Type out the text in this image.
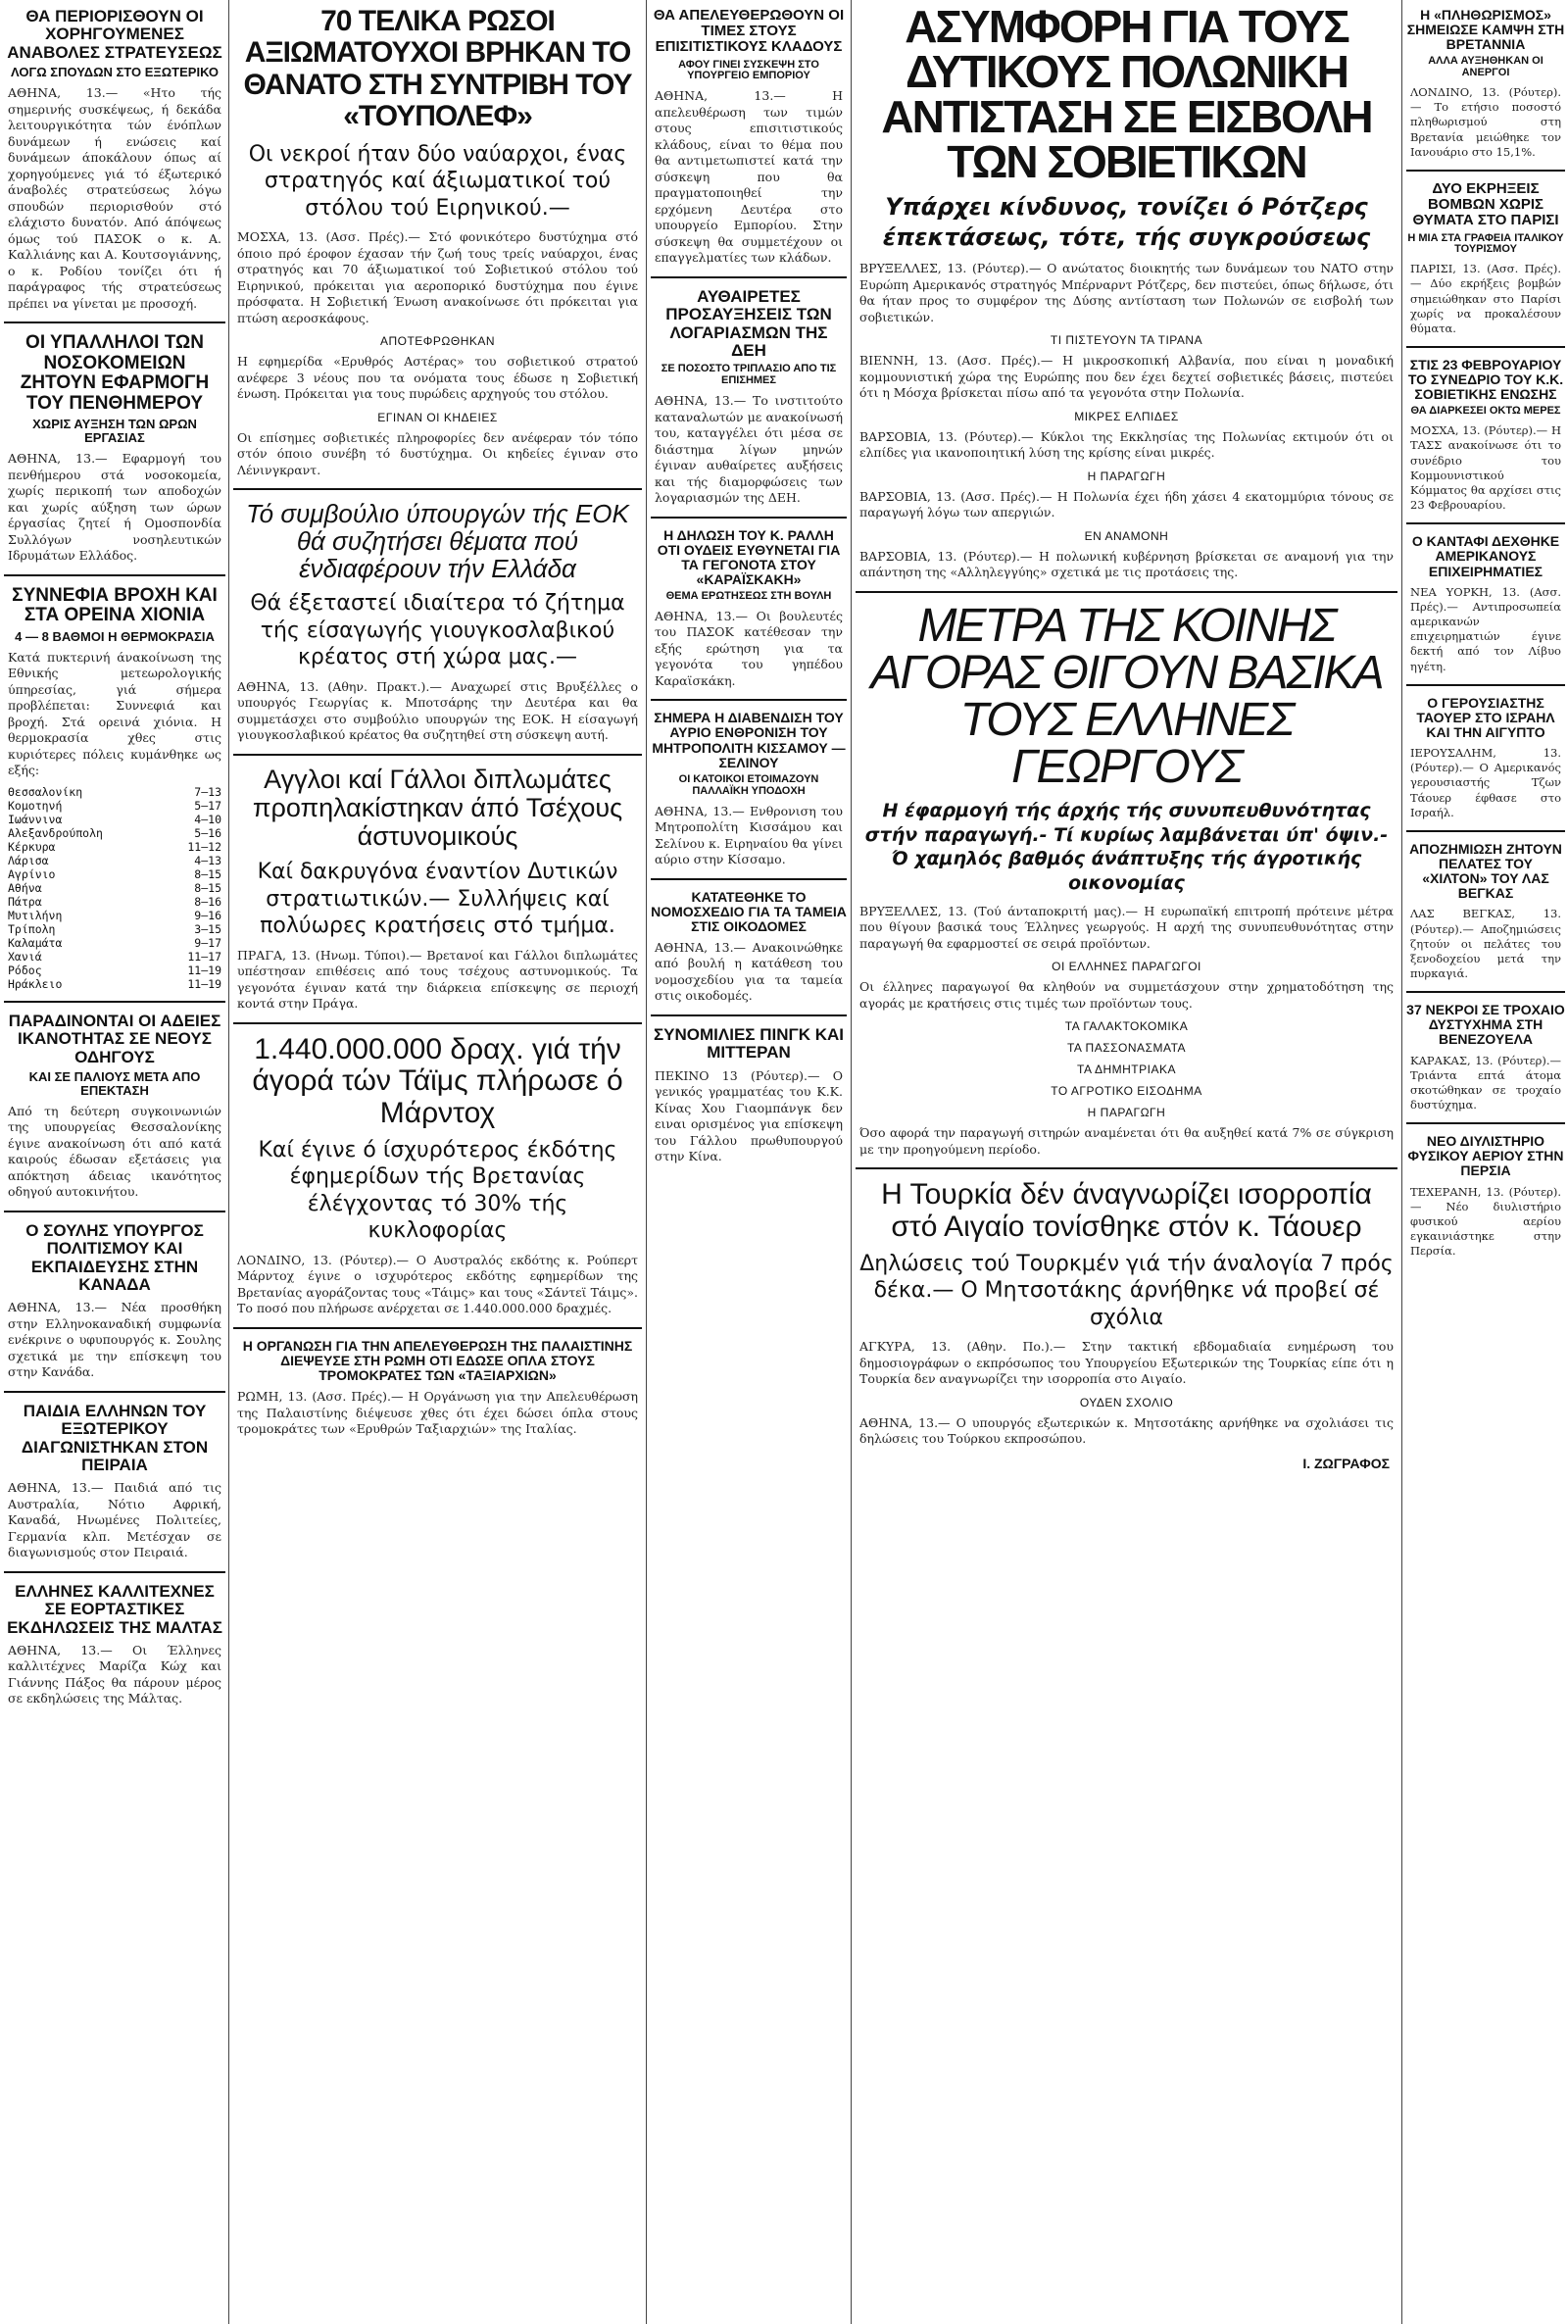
ΘΑ ΠΕΡΙΟΡΙΣΘΟΥΝ ΟΙ ΧΟΡΗΓΟΥΜΕΝΕΣ ΑΝΑΒΟΛΕΣ ΣΤΡΑΤΕΥΣΕΩΣ
ΛΟΓΩ ΣΠΟΥΔΩΝ ΣΤΟ ΕΞΩΤΕΡΙΚΟ

ΑΘΗΝΑ, 13.— «Ητο τής σημερινής συσκέψεως, ή δεκάδα λειτουργικότητα τών ένόπλων δυνάμεων ή ενώσεις καί δυνάμεων άποκάλουν όπως αί χορηγούμενες γιά τό έξωτερικό άναβολές στρατεύσεως λόγω σπουδών περιορισθούν στό ελάχιστο δυνατόν. Από άπόψεως όμως τού ΠΑΣΟΚ ο κ. Α. Καλλιάνης και Α. Κουτσογιάννης, ο κ. Ροδίου τονίζει ότι ή παράγραφος τής στρατεύσεως πρέπει να γίνεται με προσοχή.

ΟΙ ΥΠΑΛΛΗΛΟΙ ΤΩΝ ΝΟΣΟΚΟΜΕΙΩΝ ΖΗΤΟΥΝ ΕΦΑΡΜΟΓΗ ΤΟΥ ΠΕΝΘΗΜΕΡΟΥ
ΧΩΡΙΣ ΑΥΞΗΣΗ ΤΩΝ ΩΡΩΝ ΕΡΓΑΣΙΑΣ

ΑΘΗΝΑ, 13.— Εφαρμογή του πενθήμερου στά νοσοκομεία, χωρίς περικοπή των αποδοχών και χωρίς αύξηση των ώρων έργασίας ζητεί ή Ομοσπονδία Συλλόγων νοσηλευτικών Ιδρυμάτων Ελλάδος.

ΣΥΝΝΕΦΙΑ ΒΡΟΧΗ ΚΑΙ ΣΤΑ ΟΡΕΙΝΑ ΧΙΟΝΙΑ
4 — 8 ΒΑΘΜΟΙ Η ΘΕΡΜΟΚΡΑΣΙΑ

Κατά πυκτερινή άνακοίνωση της Εθνικής μετεωρολογικής ύπηρεσίας, γιά σήμερα προβλέπεται: Συννεφιά και βροχή. Στά ορεινά χιόνια. Η θερμοκρασία χθες στις κυριότερες πόλεις κυμάνθηκε ως εξής:

Θεσσαλονίκη	7—13
Κομοτηνή	5—17
Ιωάννινα	4—10
Αλεξανδρούπολη	5—16
Κέρκυρα	11—12
Λάρισα	4—13
Αγρίνιο	8—15
Αθήνα	8—15
Πάτρα	8—16
Μυτιλήνη	9—16
Τρίπολη	3—15
Καλαμάτα	9—17
Χανιά	11—17
Ρόδος	11—19
Ηράκλειο	11—19
ΠΑΡΑΔΙΝΟΝΤΑΙ ΟΙ ΑΔΕΙΕΣ ΙΚΑΝΟΤΗΤΑΣ ΣΕ ΝΕΟΥΣ ΟΔΗΓΟΥΣ
ΚΑΙ ΣΕ ΠΑΛΙΟΥΣ ΜΕΤΑ ΑΠΟ ΕΠΕΚΤΑΣΗ

Από τη δεύτερη συγκοινωνιών της υπουργείας Θεσσαλονίκης έγινε ανακοίνωση ότι από κατά καιρούς έδωσαν εξετάσεις για απόκτηση άδειας ικανότητος οδηγού αυτοκινήτου.

Ο ΣΟΥΛΗΣ ΥΠΟΥΡΓΟΣ ΠΟΛΙΤΙΣΜΟΥ ΚΑΙ ΕΚΠΑΙΔΕΥΣΗΣ ΣΤΗΝ ΚΑΝΑΔΑ

ΑΘΗΝΑ, 13.— Νέα προσθήκη στην Ελληνοκαναδική συμφωνία ενέκρινε ο υφυπουργός κ. Σουλης σχετικά με την επίσκεψη του στην Κανάδα.

ΠΑΙΔΙΑ ΕΛΛΗΝΩΝ ΤΟΥ ΕΞΩΤΕΡΙΚΟΥ ΔΙΑΓΩΝΙΣΤΗΚΑΝ ΣΤΟΝ ΠΕΙΡΑΙΑ

ΑΘΗΝΑ, 13.— Παιδιά από τις Αυστραλία, Νότιο Αφρική, Καναδά, Ηνωμένες Πολιτείες, Γερμανία κλπ. Μετέσχαν σε διαγωνισμούς στον Πειραιά.

ΕΛΛΗΝΕΣ ΚΑΛΛΙΤΕΧΝΕΣ ΣΕ ΕΟΡΤΑΣΤΙΚΕΣ ΕΚΔΗΛΩΣΕΙΣ ΤΗΣ ΜΑΛΤΑΣ

ΑΘΗΝΑ, 13.— Οι Έλληνες καλλιτέχνες Μαρίζα Κώχ και Γιάννης Πάξος θα πάρουν μέρος σε εκδηλώσεις της Μάλτας.

70 ΤΕΛΙΚΑ ΡΩΣΟΙ ΑΞΙΩΜΑΤΟΥΧΟΙ ΒΡΗΚΑΝ ΤΟ ΘΑΝΑΤΟ ΣΤΗ ΣΥΝΤΡΙΒΗ ΤΟΥ «ΤΟΥΠΟΛΕΦ»
Οι νεκροί ήταν δύο ναύαρχοι, ένας στρατηγός καί άξιωματικοί τού στόλου τού Ειρηνικού.—

ΜΟΣΧΑ, 13. (Ασσ. Πρές).— Στό φονικότερο δυστύχημα στό όποιο πρό έροφον έχασαν τήν ζωή τους τρείς ναύαρχοι, ένας στρατηγός και 70 άξιωματικοί τού Σοβιετικού στόλου τού Ειρηνικού, πρόκειται για αεροπορικό δυστύχημα που έγινε πρόσφατα. Η Σοβιετική Ένωση ανακοίνωσε ότι πρόκειται για πτώση αεροσκάφους.

ΑΠΟΤΕΦΡΩΘΗΚΑΝ

Η εφημερίδα «Ερυθρός Αστέρας» του σοβιετικού στρατού ανέφερε 3 νέους που τα ονόματα τους έδωσε η Σοβιετική ένωση. Πρόκειται για τους πυρώδεις αρχηγούς του στόλου.

ΕΓΙΝΑΝ ΟΙ ΚΗΔΕΙΕΣ

Οι επίσημες σοβιετικές πληροφορίες δεν ανέφεραν τόν τόπο στόν όποιο συνέβη τό δυστύχημα. Οι κηδείες έγιναν στο Λένινγκραντ.

Τό συμβούλιο ύπουργών τής ΕΟΚ θά συζητήσει θέματα πού ένδιαφέρουν τήν Ελλάδα
Θά έξεταστεί ιδιαίτερα τό ζήτημα τής είσαγωγής γιουγκοσλαβικού κρέατος στή χώρα μας.—

ΑΘΗΝΑ, 13. (Αθην. Πρακτ.).— Αναχωρεί στις Βρυξέλλες ο υπουργός Γεωργίας κ. Μποτσάρης την Δευτέρα και θα συμμετάσχει στο συμβούλιο υπουργών της ΕΟΚ. Η είσαγωγή γιουγκοσλαβικού κρέατος θα συζητηθεί στη σύσκεψη αυτή.

Αγγλοι καί Γάλλοι διπλωμάτες προπηλακίστηκαν άπό Τσέχους άστυνομικούς
Καί δακρυγόνα έναντίον Δυτικών στρατιωτικών.— Συλλήψεις καί πολύωρες κρατήσεις στό τμήμα.

ΠΡΑΓΑ, 13. (Ηνωμ. Τύποι).— Βρετανοί και Γάλλοι διπλωμάτες υπέστησαν επιθέσεις από τους τσέχους αστυνομικούς. Τα γεγονότα έγιναν κατά την διάρκεια επίσκεψης σε περιοχή κοντά στην Πράγα.

1.440.000.000 δραχ. γιά τήν άγορά τών Τάϊμς πλήρωσε ό Μάρντοχ
Καί έγινε ό ίσχυρότερος έκδότης έφημερίδων τής Βρετανίας έλέγχοντας τό 30% τής κυκλοφορίας

ΛΟΝΔΙΝΟ, 13. (Ρόυτερ).— Ο Αυστραλός εκδότης κ. Ρούπερτ Μάρντοχ έγινε ο ισχυρότερος εκδότης εφημερίδων της Βρετανίας αγοράζοντας τους «Τάιμς» και τους «Σάντεϊ Τάιμς». Το ποσό που πλήρωσε ανέρχεται σε 1.440.000.000 δραχμές.

Η ΟΡΓΑΝΩΣΗ ΓΙΑ ΤΗΝ ΑΠΕΛΕΥΘΕΡΩΣΗ ΤΗΣ ΠΑΛΑΙΣΤΙΝΗΣ ΔΙΕΨΕΥΣΕ ΣΤΗ ΡΩΜΗ ΟΤΙ ΕΔΩΣΕ ΟΠΛΑ ΣΤΟΥΣ ΤΡΟΜΟΚΡΑΤΕΣ ΤΩΝ «ΤΑΞΙΑΡΧΙΩΝ»

ΡΩΜΗ, 13. (Ασσ. Πρές).— Η Οργάνωση για την Απελευθέρωση της Παλαιστίνης διέψευσε χθες ότι έχει δώσει όπλα στους τρομοκράτες των «Ερυθρών Ταξιαρχιών» της Ιταλίας.

ΘΑ ΑΠΕΛΕΥΘΕΡΩΘΟΥΝ ΟΙ ΤΙΜΕΣ ΣΤΟΥΣ ΕΠΙΣΙΤΙΣΤΙΚΟΥΣ ΚΛΑΔΟΥΣ
ΑΦΟΥ ΓΙΝΕΙ ΣΥΣΚΕΨΗ ΣΤΟ ΥΠΟΥΡΓΕΙΟ ΕΜΠΟΡΙΟΥ

ΑΘΗΝΑ, 13.— Η απελευθέρωση των τιμών στους επισιτιστικούς κλάδους, είναι το θέμα που θα αντιμετωπιστεί κατά την σύσκεψη που θα πραγματοποιηθεί την ερχόμενη Δευτέρα στο υπουργείο Εμπορίου. Στην σύσκεψη θα συμμετέχουν οι επαγγελματίες των κλάδων.

ΑΥΘΑΙΡΕΤΕΣ ΠΡΟΣΑΥΞΗΣΕΙΣ ΤΩΝ ΛΟΓΑΡΙΑΣΜΩΝ ΤΗΣ ΔΕΗ
ΣΕ ΠΟΣΟΣΤΟ ΤΡΙΠΛΑΣΙΟ ΑΠΟ ΤΙΣ ΕΠΙΣΗΜΕΣ

ΑΘΗΝΑ, 13.— Το ινστιτούτο καταναλωτών με ανακοίνωσή του, καταγγέλει ότι μέσα σε διάστημα λίγων μηνών έγιναν αυθαίρετες αυξήσεις και τής διαμορφώσεις των λογαριασμών της ΔΕΗ.

Η ΔΗΛΩΣΗ ΤΟΥ Κ. ΡΑΛΛΗ ΟΤΙ ΟΥΔΕΙΣ ΕΥΘΥΝΕΤΑΙ ΓΙΑ ΤΑ ΓΕΓΟΝΟΤΑ ΣΤΟΥ «ΚΑΡΑΪΣΚΑΚΗ»
ΘΕΜΑ ΕΡΩΤΗΣΕΩΣ ΣΤΗ ΒΟΥΛΗ

ΑΘΗΝΑ, 13.— Οι βουλευτές του ΠΑΣΟΚ κατέθεσαν την εξής ερώτηση για τα γεγονότα του γηπέδου Καραϊσκάκη.

ΣΗΜΕΡΑ Η ΔΙΑΒΕΝΔΙΣΗ ΤΟΥ ΑΥΡΙΟ ΕΝΘΡΟΝΙΣΗ ΤΟΥ ΜΗΤΡΟΠΟΛΙΤΗ ΚΙΣΣΑΜΟΥ — ΣΕΛΙΝΟΥ
ΟΙ ΚΑΤΟΙΚΟΙ ΕΤΟΙΜΑΖΟΥΝ ΠΑΛΛΑΪΚΗ ΥΠΟΔΟΧΗ

ΑΘΗΝΑ, 13.— Ενθρονιση του Μητροπολίτη Κισσάμου και Σελίνου κ. Ειρηναίου θα γίνει αύριο στην Κίσσαμο.

ΚΑΤΑΤΕΘΗΚΕ ΤΟ ΝΟΜΟΣΧΕΔΙΟ ΓΙΑ ΤΑ ΤΑΜΕΙΑ ΣΤΙΣ ΟΙΚΟΔΟΜΕΣ

ΑΘΗΝΑ, 13.— Ανακοινώθηκε από βουλή η κατάθεση του νομοσχεδίου για τα ταμεία στις οικοδομές.

ΣΥΝΟΜΙΛΙΕΣ ΠΙΝΓΚ ΚΑΙ ΜΙΤΤΕΡΑΝ

ΠΕΚΙΝΟ 13 (Ρόυτερ).— Ο γενικός γραμματέας του Κ.Κ. Κίνας Χου Γιαομπάνγκ δεν ειναι ορισμένος για επίσκεψη του Γάλλου πρωθυπουργού στην Κίνα.

ΑΣΥΜΦΟΡΗ ΓΙΑ ΤΟΥΣ ΔΥΤΙΚΟΥΣ ΠΟΛΩΝΙΚΗ ΑΝΤΙΣΤΑΣΗ ΣΕ ΕΙΣΒΟΛΗ ΤΩΝ ΣΟΒΙΕΤΙΚΩΝ
Υπάρχει κίνδυνος, τονίζει ό Ρότζερς έπεκτάσεως, τότε, τής συγκρούσεως

ΒΡΥΞΕΛΛΕΣ, 13. (Ρόυτερ).— Ο ανώτατος διοικητής των δυνάμεων του ΝΑΤΟ στην Ευρώπη Αμερικανός στρατηγός Μπέρναρντ Ρότζερς, δεν πιστεύει, όπως δήλωσε, ότι θα ήταν προς το συμφέρον της Δύσης αντίσταση των Πολωνών σε εισβολή των σοβιετικών.

ΤΙ ΠΙΣΤΕΥΟΥΝ ΤΑ ΤΙΡΑΝΑ

ΒΙΕΝΝΗ, 13. (Ασσ. Πρές).— Η μικροσκοπική Αλβανία, που είναι η μοναδική κομμουνιστική χώρα της Ευρώπης που δεν έχει δεχτεί σοβιετικές βάσεις, πιστεύει ότι η Μόσχα βρίσκεται πίσω από τα γεγονότα στην Πολωνία.

ΜΙΚΡΕΣ ΕΛΠΙΔΕΣ

ΒΑΡΣΟΒΙΑ, 13. (Ρόυτερ).— Κύκλοι της Εκκλησίας της Πολωνίας εκτιμούν ότι οι ελπίδες για ικανοποιητική λύση της κρίσης είναι μικρές.

Η ΠΑΡΑΓΩΓΗ

ΒΑΡΣΟΒΙΑ, 13. (Ασσ. Πρές).— Η Πολωνία έχει ήδη χάσει 4 εκατομμύρια τόνους σε παραγωγή λόγω των απεργιών.

ΕΝ ΑΝΑΜΟΝΗ

ΒΑΡΣΟΒΙΑ, 13. (Ρόυτερ).— Η πολωνική κυβέρνηση βρίσκεται σε αναμονή για την απάντηση της «Αλληλεγγύης» σχετικά με τις προτάσεις της.

ΜΕΤΡΑ ΤΗΣ ΚΟΙΝΗΣ ΑΓΟΡΑΣ ΘΙΓΟΥΝ ΒΑΣΙΚΑ ΤΟΥΣ ΕΛΛΗΝΕΣ ΓΕΩΡΓΟΥΣ
Η έφαρμογή τής άρχής τής συνυπευθυνότητας στήν παραγωγή.- Τί κυρίως λαμβάνεται ύπ' όψιν.- Ό χαμηλός βαθμός άνάπτυξης τής άγροτικής οικονομίας

ΒΡΥΞΕΛΛΕΣ, 13. (Τού άνταποκριτή μας).— Η ευρωπαϊκή επιτροπή πρότεινε μέτρα που θίγουν βασικά τους Έλληνες γεωργούς. Η αρχή της συνυπευθυνότητας στην παραγωγή θα εφαρμοστεί σε σειρά προϊόντων.

ΟΙ ΕΛΛΗΝΕΣ ΠΑΡΑΓΩΓΟΙ

Οι έλληνες παραγωγοί θα κληθούν να συμμετάσχουν στην χρηματοδότηση της αγοράς με κρατήσεις στις τιμές των προϊόντων τους.

ΤΑ ΓΑΛΑΚΤΟΚΟΜΙΚΑ
ΤΑ ΠΑΣΣΟΝΑΣΜΑΤΑ
ΤΑ ΔΗΜΗΤΡΙΑΚΑ
ΤΟ ΑΓΡΟΤΙΚΟ ΕΙΣΟΔΗΜΑ
Η ΠΑΡΑΓΩΓΗ

Όσο αφορά την παραγωγή σιτηρών αναμένεται ότι θα αυξηθεί κατά 7% σε σύγκριση με την προηγούμενη περίοδο.

Η Τουρκία δέν άναγνωρίζει ισορροπία στό Αιγαίο τονίσθηκε στόν κ. Τάουερ
Δηλώσεις τού Τουρκμέν γιά τήν άναλογία 7 πρός δέκα.— Ο Μητσοτάκης άρνήθηκε νά προβεί σέ σχόλια

ΑΓΚΥΡΑ, 13. (Αθην. Πο.).— Στην τακτική εβδομαδιαία ενημέρωση του δημοσιογράφων ο εκπρόσωπος του Υπουργείου Εξωτερικών της Τουρκίας είπε ότι η Τουρκία δεν αναγνωρίζει την ισορροπία στο Αιγαίο.

ΟΥΔΕΝ ΣΧΟΛΙΟ

ΑΘΗΝΑ, 13.— Ο υπουργός εξωτερικών κ. Μητσοτάκης αρνήθηκε να σχολιάσει τις δηλώσεις του Τούρκου εκπροσώπου.

Ι. ΖΩΓΡΑΦΟΣ
Η «ΠΛΗΘΩΡΙΣΜΟΣ» ΣΗΜΕΙΩΣΕ ΚΑΜΨΗ ΣΤΗ ΒΡΕΤΑΝΝΙΑ
ΑΛΛΑ ΑΥΞΗΘΗΚΑΝ ΟΙ ΑΝΕΡΓΟΙ

ΛΟΝΔΙΝΟ, 13. (Ρόυτερ).— Το ετήσιο ποσοστό πληθωρισμού στη Βρετανία μειώθηκε τον Ιανουάριο στο 15,1%.

ΔΥΟ ΕΚΡΗΞΕΙΣ ΒΟΜΒΩΝ ΧΩΡΙΣ ΘΥΜΑΤΑ ΣΤΟ ΠΑΡΙΣΙ
Η ΜΙΑ ΣΤΑ ΓΡΑΦΕΙΑ ΙΤΑΛΙΚΟΥ ΤΟΥΡΙΣΜΟΥ

ΠΑΡΙΣΙ, 13. (Ασσ. Πρές).— Δύο εκρήξεις βομβών σημειώθηκαν στο Παρίσι χωρίς να προκαλέσουν θύματα.

ΣΤΙΣ 23 ΦΕΒΡΟΥΑΡΙΟΥ ΤΟ ΣΥΝΕΔΡΙΟ ΤΟΥ Κ.Κ. ΣΟΒΙΕΤΙΚΗΣ ΕΝΩΣΗΣ
ΘΑ ΔΙΑΡΚΕΣΕΙ ΟΚΤΩ ΜΕΡΕΣ

ΜΟΣΧΑ, 13. (Ρόυτερ).— Η ΤΑΣΣ ανακοίνωσε ότι το συνέδριο του Κομμουνιστικού Κόμματος θα αρχίσει στις 23 Φεβρουαρίου.

Ο ΚΑΝΤΑΦΙ ΔΕΧΘΗΚΕ ΑΜΕΡΙΚΑΝΟΥΣ ΕΠΙΧΕΙΡΗΜΑΤΙΕΣ

ΝΕΑ ΥΟΡΚΗ, 13. (Ασσ. Πρές).— Αντιπροσωπεία αμερικανών επιχειρηματιών έγινε δεκτή από τον Λίβυο ηγέτη.

Ο ΓΕΡΟΥΣΙΑΣΤΗΣ ΤΑΟΥΕΡ ΣΤΟ ΙΣΡΑΗΛ ΚΑΙ ΤΗΝ ΑΙΓΥΠΤΟ

ΙΕΡΟΥΣΑΛΗΜ, 13. (Ρόυτερ).— Ο Αμερικανός γερουσιαστής Τζων Τάουερ έφθασε στο Ισραήλ.

ΑΠΟΖΗΜΙΩΣΗ ΖΗΤΟΥΝ ΠΕΛΑΤΕΣ ΤΟΥ «ΧΙΛΤΟΝ» ΤΟΥ ΛΑΣ ΒΕΓΚΑΣ

ΛΑΣ ΒΕΓΚΑΣ, 13. (Ρόυτερ).— Αποζημιώσεις ζητούν οι πελάτες του ξενοδοχείου μετά την πυρκαγιά.

37 ΝΕΚΡΟΙ ΣΕ ΤΡΟΧΑΙΟ ΔΥΣΤΥΧΗΜΑ ΣΤΗ ΒΕΝΕΖΟΥΕΛΑ

ΚΑΡΑΚΑΣ, 13. (Ρόυτερ).— Τριάντα επτά άτομα σκοτώθηκαν σε τροχαίο δυστύχημα.

ΝΕΟ ΔΙΥΛΙΣΤΗΡΙΟ ΦΥΣΙΚΟΥ ΑΕΡΙΟΥ ΣΤΗΝ ΠΕΡΣΙΑ

ΤΕΧΕΡΑΝΗ, 13. (Ρόυτερ).— Νέο διυλιστήριο φυσικού αερίου εγκαινιάστηκε στην Περσία.
